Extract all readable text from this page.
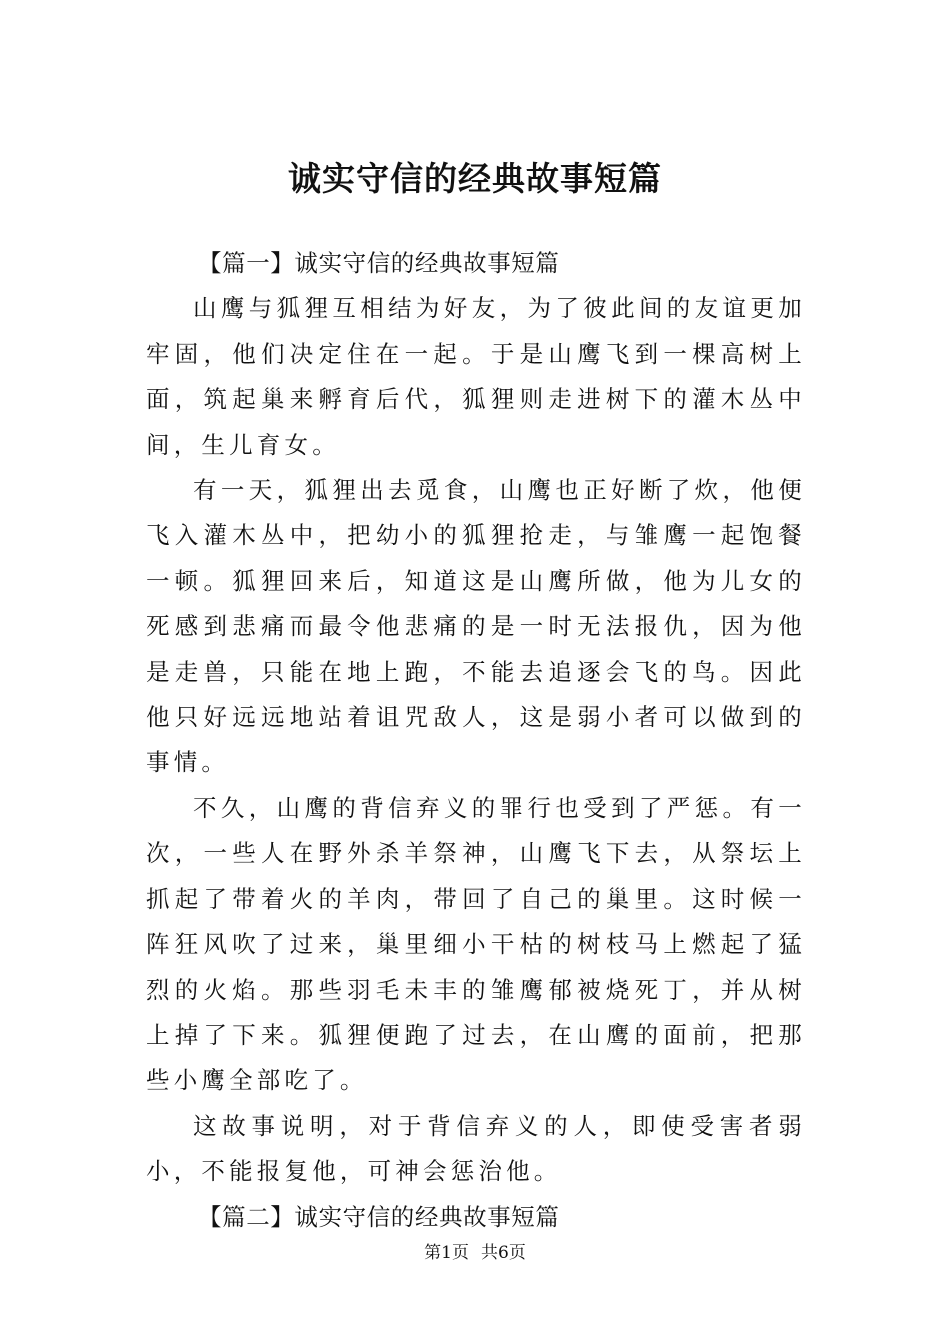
诚实守信的经典故事短篇

【篇一】诚实守信的经典故事短篇

山鹰与狐狸互相结为好友，为了彼此间的友谊更加牢固，他们决定住在一起。于是山鹰飞到一棵高树上面，筑起巢来孵育后代，狐狸则走进树下的灌木丛中间，生儿育女。

有一天，狐狸出去觅食，山鹰也正好断了炊，他便飞入灌木丛中，把幼小的狐狸抢走，与雏鹰一起饱餐一顿。狐狸回来后，知道这是山鹰所做，他为儿女的死感到悲痛而最令他悲痛的是一时无法报仇，因为他是走兽，只能在地上跑，不能去追逐会飞的鸟。因此他只好远远地站着诅咒敌人，这是弱小者可以做到的事情。

不久，山鹰的背信弃义的罪行也受到了严惩。有一次，一些人在野外杀羊祭神，山鹰飞下去，从祭坛上抓起了带着火的羊肉，带回了自己的巢里。这时候一阵狂风吹了过来，巢里细小干枯的树枝马上燃起了猛烈的火焰。那些羽毛未丰的雏鹰郁被烧死丁，并从树上掉了下来。狐狸便跑了过去，在山鹰的面前，把那些小鹰全部吃了。

这故事说明，对于背信弃义的人，即使受害者弱小，不能报复他，可神会惩治他。

【篇二】诚实守信的经典故事短篇

第1页 共6页
